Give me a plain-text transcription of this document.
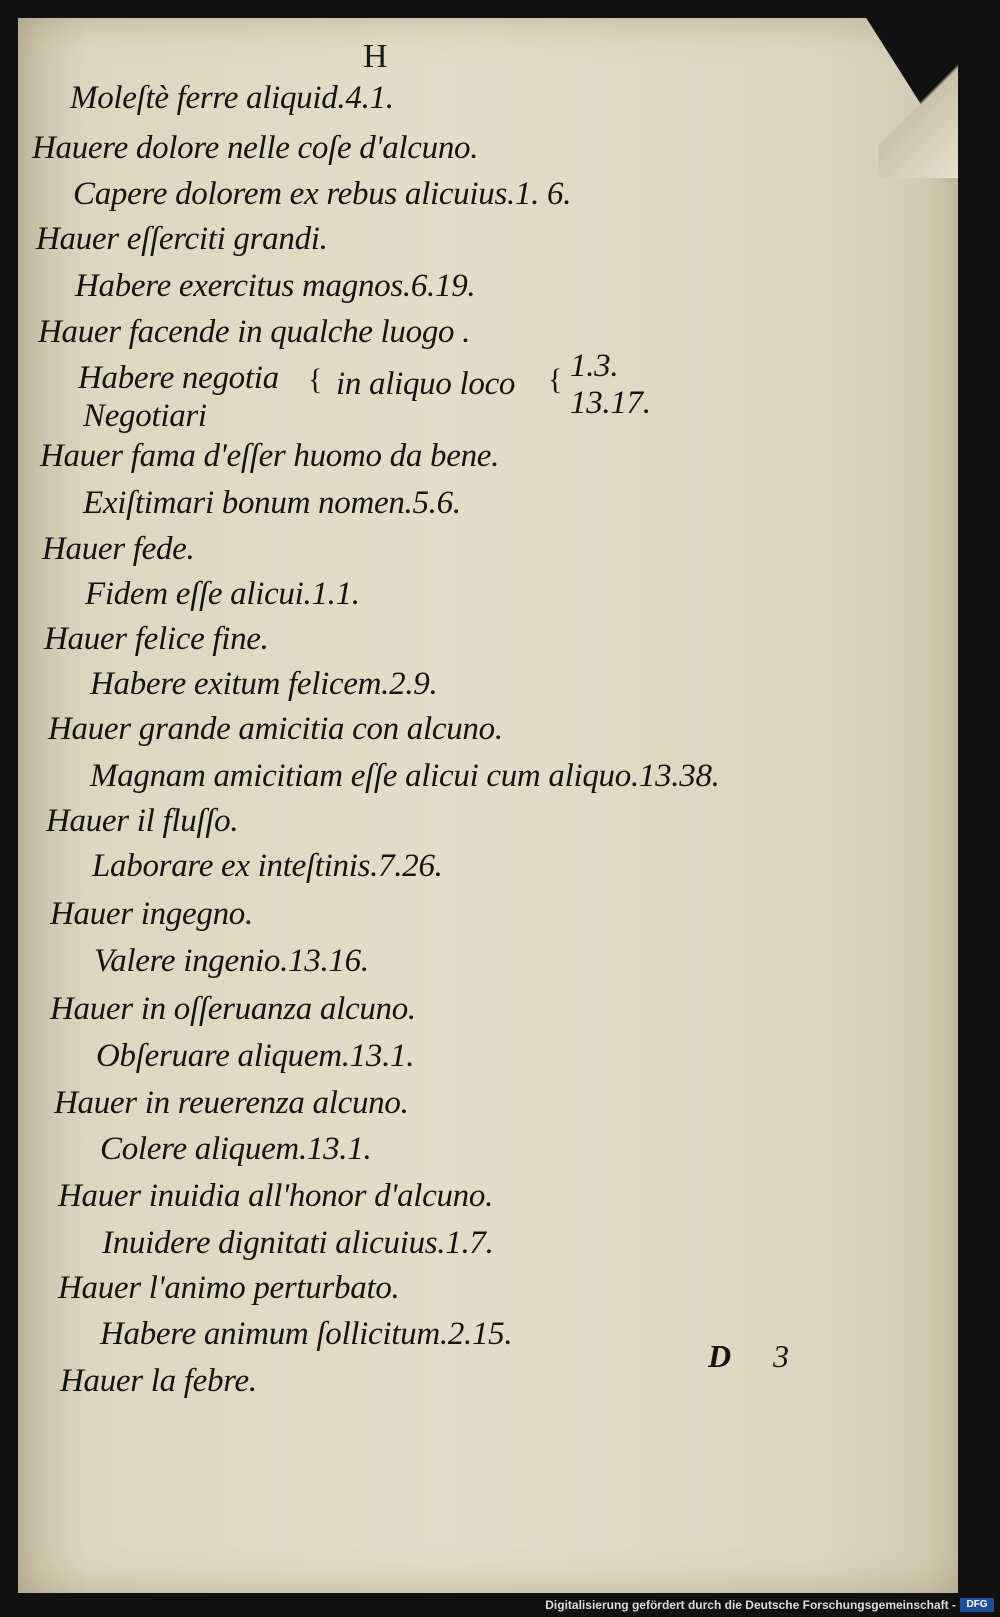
H
Moleſtè ferre aliquid.4.1.
Hauere dolore nelle coſe d'alcuno.
Capere dolorem ex rebus alicuius.1. 6.
Hauer eſſerciti grandi.
Habere exercitus magnos.6.19.
Hauer facende in qualche luogo .
Habere negotia { in aliquo loco { 1.3.
Negotiari	13.17.
Hauer fama d'eſſer huomo da bene.
Exiſtimari bonum nomen.5.6.
Hauer fede.
Fidem eſſe alicui.1.1.
Hauer felice fine.
Habere exitum felicem.2.9.
Hauer grande amicitia con alcuno.
Magnam amicitiam eſſe alicui cum aliquo.13.38.
Hauer il fluſſo.
Laborare ex inteſtinis.7.26.
Hauer ingegno.
Valere ingenio.13.16.
Hauer in oſſeruanza alcuno.
Obſeruare aliquem.13.1.
Hauer in reuerenza alcuno.
Colere aliquem.13.1.
Hauer inuidia all'honor d'alcuno.
Inuidere dignitati alicuius.1.7.
Hauer l'animo perturbato.
Habere animum ſollicitum.2.15.
Hauer la febre.
D 3
Digitalisierung gefördert durch die Deutsche Forschungsgemeinschaft -	DFG
